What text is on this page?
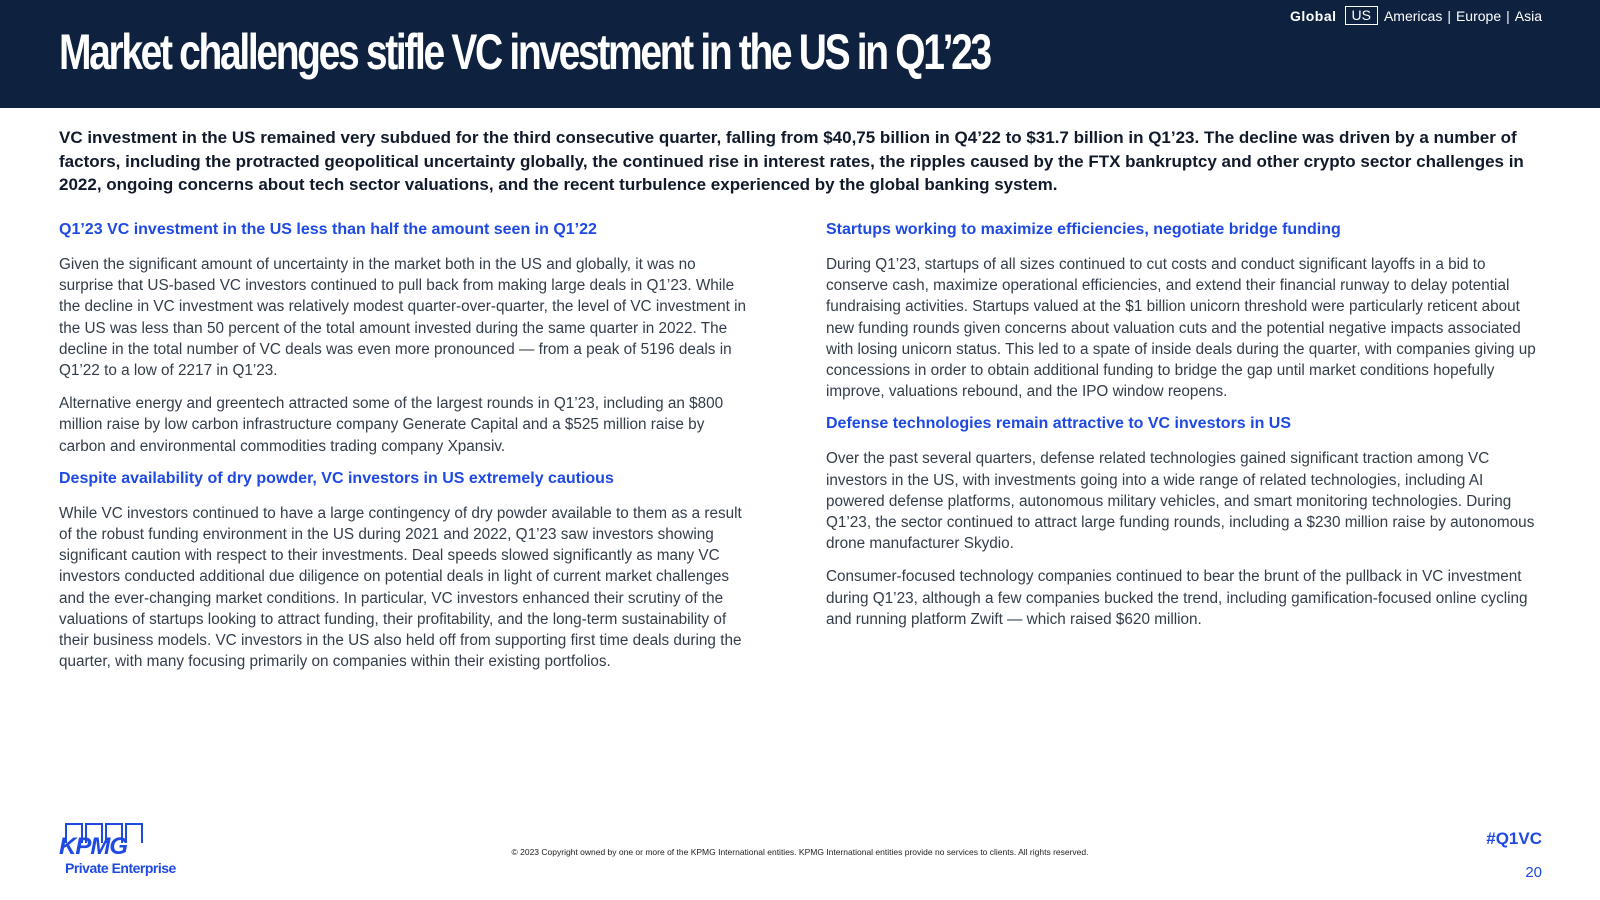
Market challenges stifle VC investment in the US in Q1’23
Global	US Americas | Europe | Asia

VC investment in the US remained very subdued for the third consecutive quarter, falling from $40,75 billion in Q4’22 to $31.7 billion in Q1’23. The decline was driven by a number of factors, including the protracted geopolitical uncertainty globally, the continued rise in interest rates, the ripples caused by the FTX bankruptcy and other crypto sector challenges in 2022, ongoing concerns about tech sector valuations, and the recent turbulence experienced by the global banking system.

Q1’23 VC investment in the US less than half the amount seen in Q1’22

Given the significant amount of uncertainty in the market both in the US and globally, it was no surprise that US-based VC investors continued to pull back from making large deals in Q1’23. While the decline in VC investment was relatively modest quarter-over-quarter, the level of VC investment in the US was less than 50 percent of the total amount invested during the same quarter in 2022. The decline in the total number of VC deals was even more pronounced — from a peak of 5196 deals in Q1’22 to a low of 2217 in Q1’23.

Alternative energy and greentech attracted some of the largest rounds in Q1’23, including an $800 million raise by low carbon infrastructure company Generate Capital and a $525 million raise by carbon and environmental commodities trading company Xpansiv.

Despite availability of dry powder, VC investors in US extremely cautious

While VC investors continued to have a large contingency of dry powder available to them as a result of the robust funding environment in the US during 2021 and 2022, Q1’23 saw investors showing significant caution with respect to their investments. Deal speeds slowed significantly as many VC investors conducted additional due diligence on potential deals in light of current market challenges and the ever-changing market conditions. In particular, VC investors enhanced their scrutiny of the valuations of startups looking to attract funding, their profitability, and the long-term sustainability of their business models. VC investors in the US also held off from supporting first time deals during the quarter, with many focusing primarily on companies within their existing portfolios.

Startups working to maximize efficiencies, negotiate bridge funding

During Q1’23, startups of all sizes continued to cut costs and conduct significant layoffs in a bid to conserve cash, maximize operational efficiencies, and extend their financial runway to delay potential fundraising activities. Startups valued at the $1 billion unicorn threshold were particularly reticent about new funding rounds given concerns about valuation cuts and the potential negative impacts associated with losing unicorn status. This led to a spate of inside deals during the quarter, with companies giving up concessions in order to obtain additional funding to bridge the gap until market conditions hopefully improve, valuations rebound, and the IPO window reopens.

Defense technologies remain attractive to VC investors in US

Over the past several quarters, defense related technologies gained significant traction among VC investors in the US, with investments going into a wide range of related technologies, including AI powered defense platforms, autonomous military vehicles, and smart monitoring technologies. During Q1’23, the sector continued to attract large funding rounds, including a $230 million raise by autonomous drone manufacturer Skydio.

Consumer-focused technology companies continued to bear the brunt of the pullback in VC investment during Q1’23, although a few companies bucked the trend, including gamification-focused online cycling and running platform Zwift — which raised $620 million.

KPMG
Private Enterprise
© 2023 Copyright owned by one or more of the KPMG International entities. KPMG International entities provide no services to clients. All rights reserved.
#Q1VC
20
